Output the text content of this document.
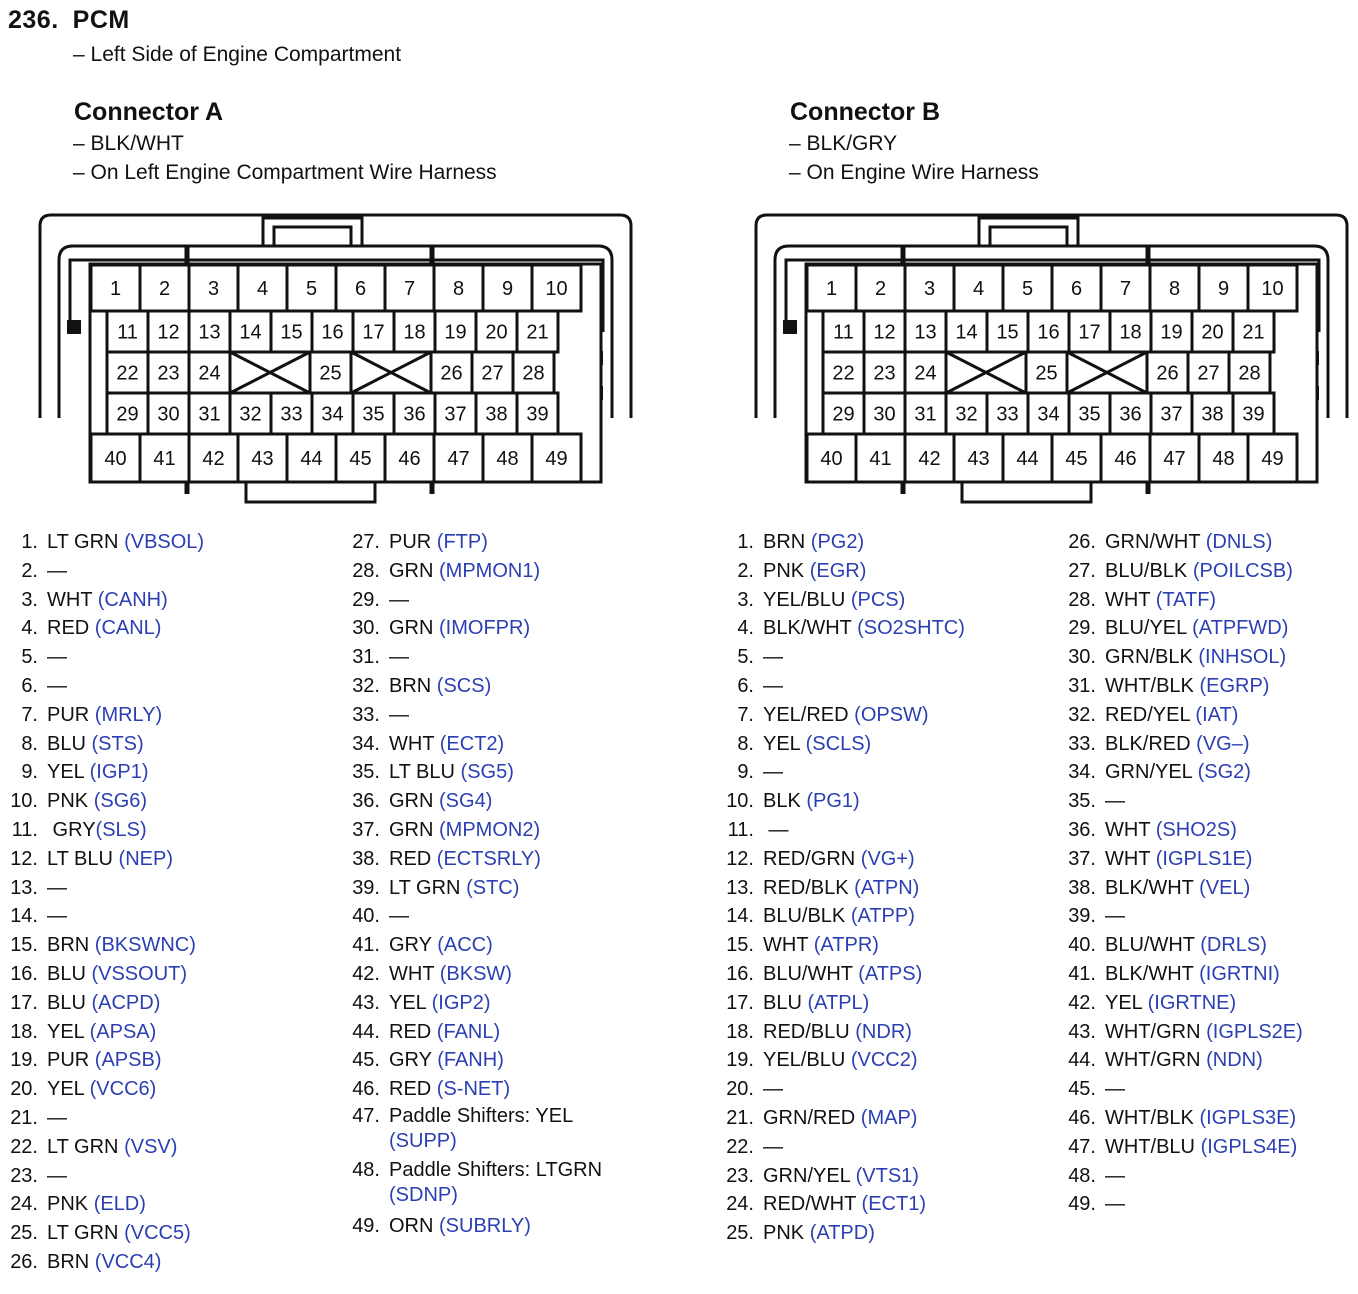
236. PCM
– Left Side of Engine Compartment
Connector A
– BLK/WHT
– On Left Engine Compartment Wire Harness
Connector B
– BLK/GRY
– On Engine Wire Harness
1 2 3 4 5 6 7 8 9 10
11 12 13 14 15 16 17 18 19 20 21
22 23 24	25	26 27 28
29 30 31 32 33 34 35 36 37 38 39
40 41 42 43 44 45 46 47 48 49
1 2 3 4 5 6 7 8 9 10
11 12 13 14 15 16 17 18 19 20 21
22 23 24	25	26 27 28
29 30 31 32 33 34 35 36 37 38 39
40 41 42 43 44 45 46 47 48 49
1. LT GRN (VBSOL)
2. —
3. WHT (CANH)
4. RED (CANL)
5. —
6. —
7. PUR (MRLY)
8. BLU (STS)
9. YEL (IGP1)
10. PNK (SG6)
11. GRY(SLS)
12. LT BLU (NEP)
13. —
14. —
15. BRN (BKSWNC)
16. BLU (VSSOUT)
17. BLU (ACPD)
18. YEL (APSA)
19. PUR (APSB)
20. YEL (VCC6)
21. —
22. LT GRN (VSV)
23. —
24. PNK (ELD)
25. LT GRN (VCC5)
26. BRN (VCC4)
27. PUR (FTP)
28. GRN (MPMON1)
29. —
30. GRN (IMOFPR)
31. —
32. BRN (SCS)
33. —
34. WHT (ECT2)
35. LT BLU (SG5)
36. GRN (SG4)
37. GRN (MPMON2)
38. RED (ECTSRLY)
39. LT GRN (STC)
40. —
41. GRY (ACC)
42. WHT (BKSW)
43. YEL (IGP2)
44. RED (FANL)
45. GRY (FANH)
46. RED (S-NET)
47. Paddle Shifters: YEL
(SUPP)
48. Paddle Shifters: LTGRN
(SDNP)
49. ORN (SUBRLY)
1. BRN (PG2)
2. PNK (EGR)
3. YEL/BLU (PCS)
4. BLK/WHT (SO2SHTC)
5. —
6. —
7. YEL/RED (OPSW)
8. YEL (SCLS)
9. —
10. BLK (PG1)
11. —
12. RED/GRN (VG+)
13. RED/BLK (ATPN)
14. BLU/BLK (ATPP)
15. WHT (ATPR)
16. BLU/WHT (ATPS)
17. BLU (ATPL)
18. RED/BLU (NDR)
19. YEL/BLU (VCC2)
20. —
21. GRN/RED (MAP)
22. —
23. GRN/YEL (VTS1)
24. RED/WHT (ECT1)
25. PNK (ATPD)
26. GRN/WHT (DNLS)
27. BLU/BLK (POILCSB)
28. WHT (TATF)
29. BLU/YEL (ATPFWD)
30. GRN/BLK (INHSOL)
31. WHT/BLK (EGRP)
32. RED/YEL (IAT)
33. BLK/RED (VG–)
34. GRN/YEL (SG2)
35. —
36. WHT (SHO2S)
37. WHT (IGPLS1E)
38. BLK/WHT (VEL)
39. —
40. BLU/WHT (DRLS)
41. BLK/WHT (IGRTNI)
42. YEL (IGRTNE)
43. WHT/GRN (IGPLS2E)
44. WHT/GRN (NDN)
45. —
46. WHT/BLK (IGPLS3E)
47. WHT/BLU (IGPLS4E)
48. —
49. —
